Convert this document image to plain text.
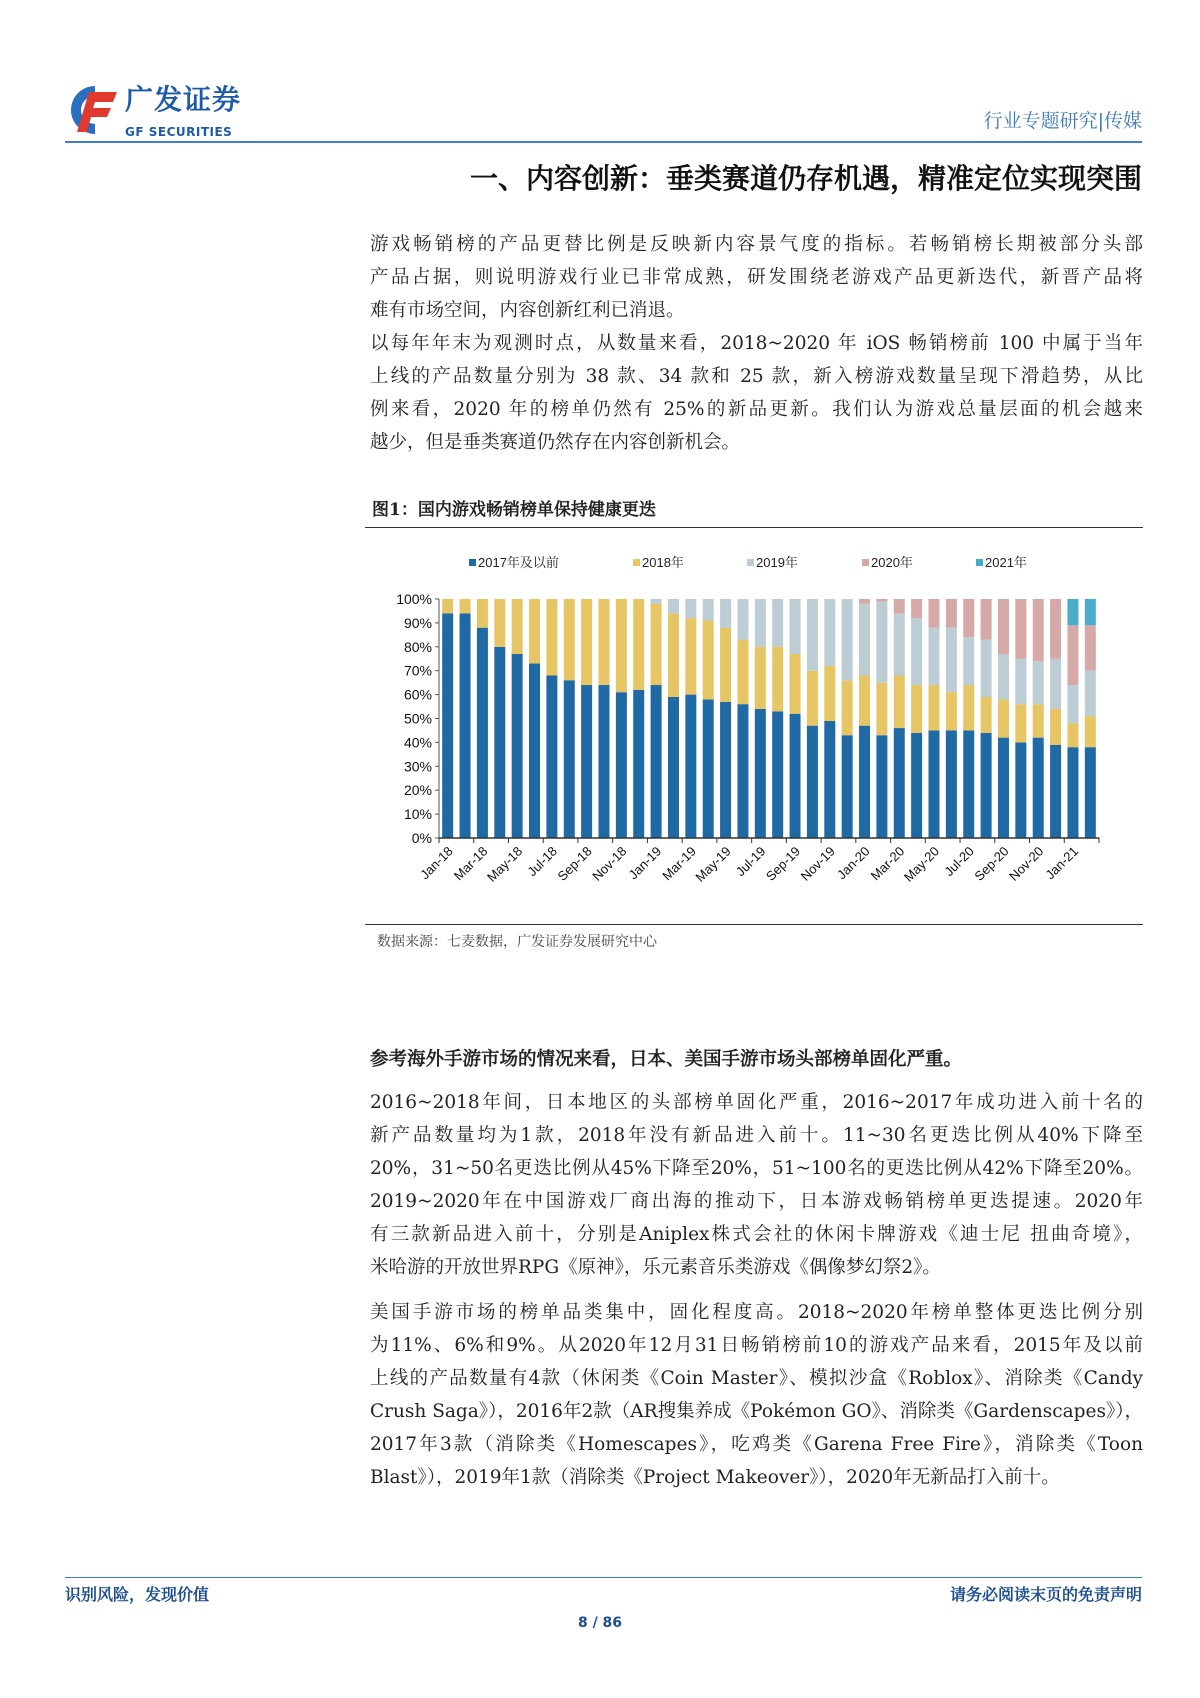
广发证券
GF SECURITIES	行业专题研究|传媒
一、内容创新：垂类赛道仍存机遇，精准定位实现突围
游戏畅销榜的产品更替比例是反映新内容景气度的指标。若畅销榜长期被部分头部
产品占据，则说明游戏行业已非常成熟，研发围绕老游戏产品更新迭代，新晋产品将
难有市场空间，内容创新红利已消退。
以每年年末为观测时点，从数量来看，2018~2020 年 iOS 畅销榜前 100 中属于当年
上线的产品数量分别为 38 款、34 款和 25 款，新入榜游戏数量呈现下滑趋势，从比
例来看，2020 年的榜单仍然有 25%的新品更新。我们认为游戏总量层面的机会越来
越少，但是垂类赛道仍然存在内容创新机会。
图1：国内游戏畅销榜单保持健康更迭
2017年及以前	2018年	2019年	2020年	2021年
0%
10%
20%
30%
40%
50%
60%
70%
80%
90%
100%
Jan-18
Mar-18
May-18 Jul-18
Sep-18
Nov-18
Jan-19
Mar-19
May-19 Jul-19
Sep-19
Nov-19
Jan-20
Mar-20
May-20 Jul-20
Sep-20
Nov-20
Jan-21
数据来源：七麦数据，广发证券发展研究中心
参考海外手游市场的情况来看，日本、美国手游市场头部榜单固化严重。
2016~2018年间，日本地区的头部榜单固化严重，2016~2017年成功进入前十名的
新产品数量均为1款，2018年没有新品进入前十。11~30名更迭比例从40%下降至
20%，31~50名更迭比例从45%下降至20%，51~100名的更迭比例从42%下降至20%。
2019~2020年在中国游戏厂商出海的推动下，日本游戏畅销榜单更迭提速。2020年
有三款新品进入前十，分别是Aniplex株式会社的休闲卡牌游戏《迪士尼 扭曲奇境》，
米哈游的开放世界RPG《原神》，乐元素音乐类游戏《偶像梦幻祭2》。
美国手游市场的榜单品类集中，固化程度高。2018~2020年榜单整体更迭比例分别
为11%、6%和9%。从2020年12月31日畅销榜前10的游戏产品来看，2015年及以前
上线的产品数量有4款（休闲类《Coin Master》、模拟沙盒《Roblox》、消除类《Candy
Crush Saga》），2016年2款（AR搜集养成《Pokémon GO》、消除类《Gardenscapes》），
2017年3款（消除类《Homescapes》，吃鸡类《Garena Free Fire》，消除类《Toon
Blast》），2019年1款（消除类《Project Makeover》），2020年无新品打入前十。
识别风险，发现价值	请务必阅读末页的免责声明
8 / 86
